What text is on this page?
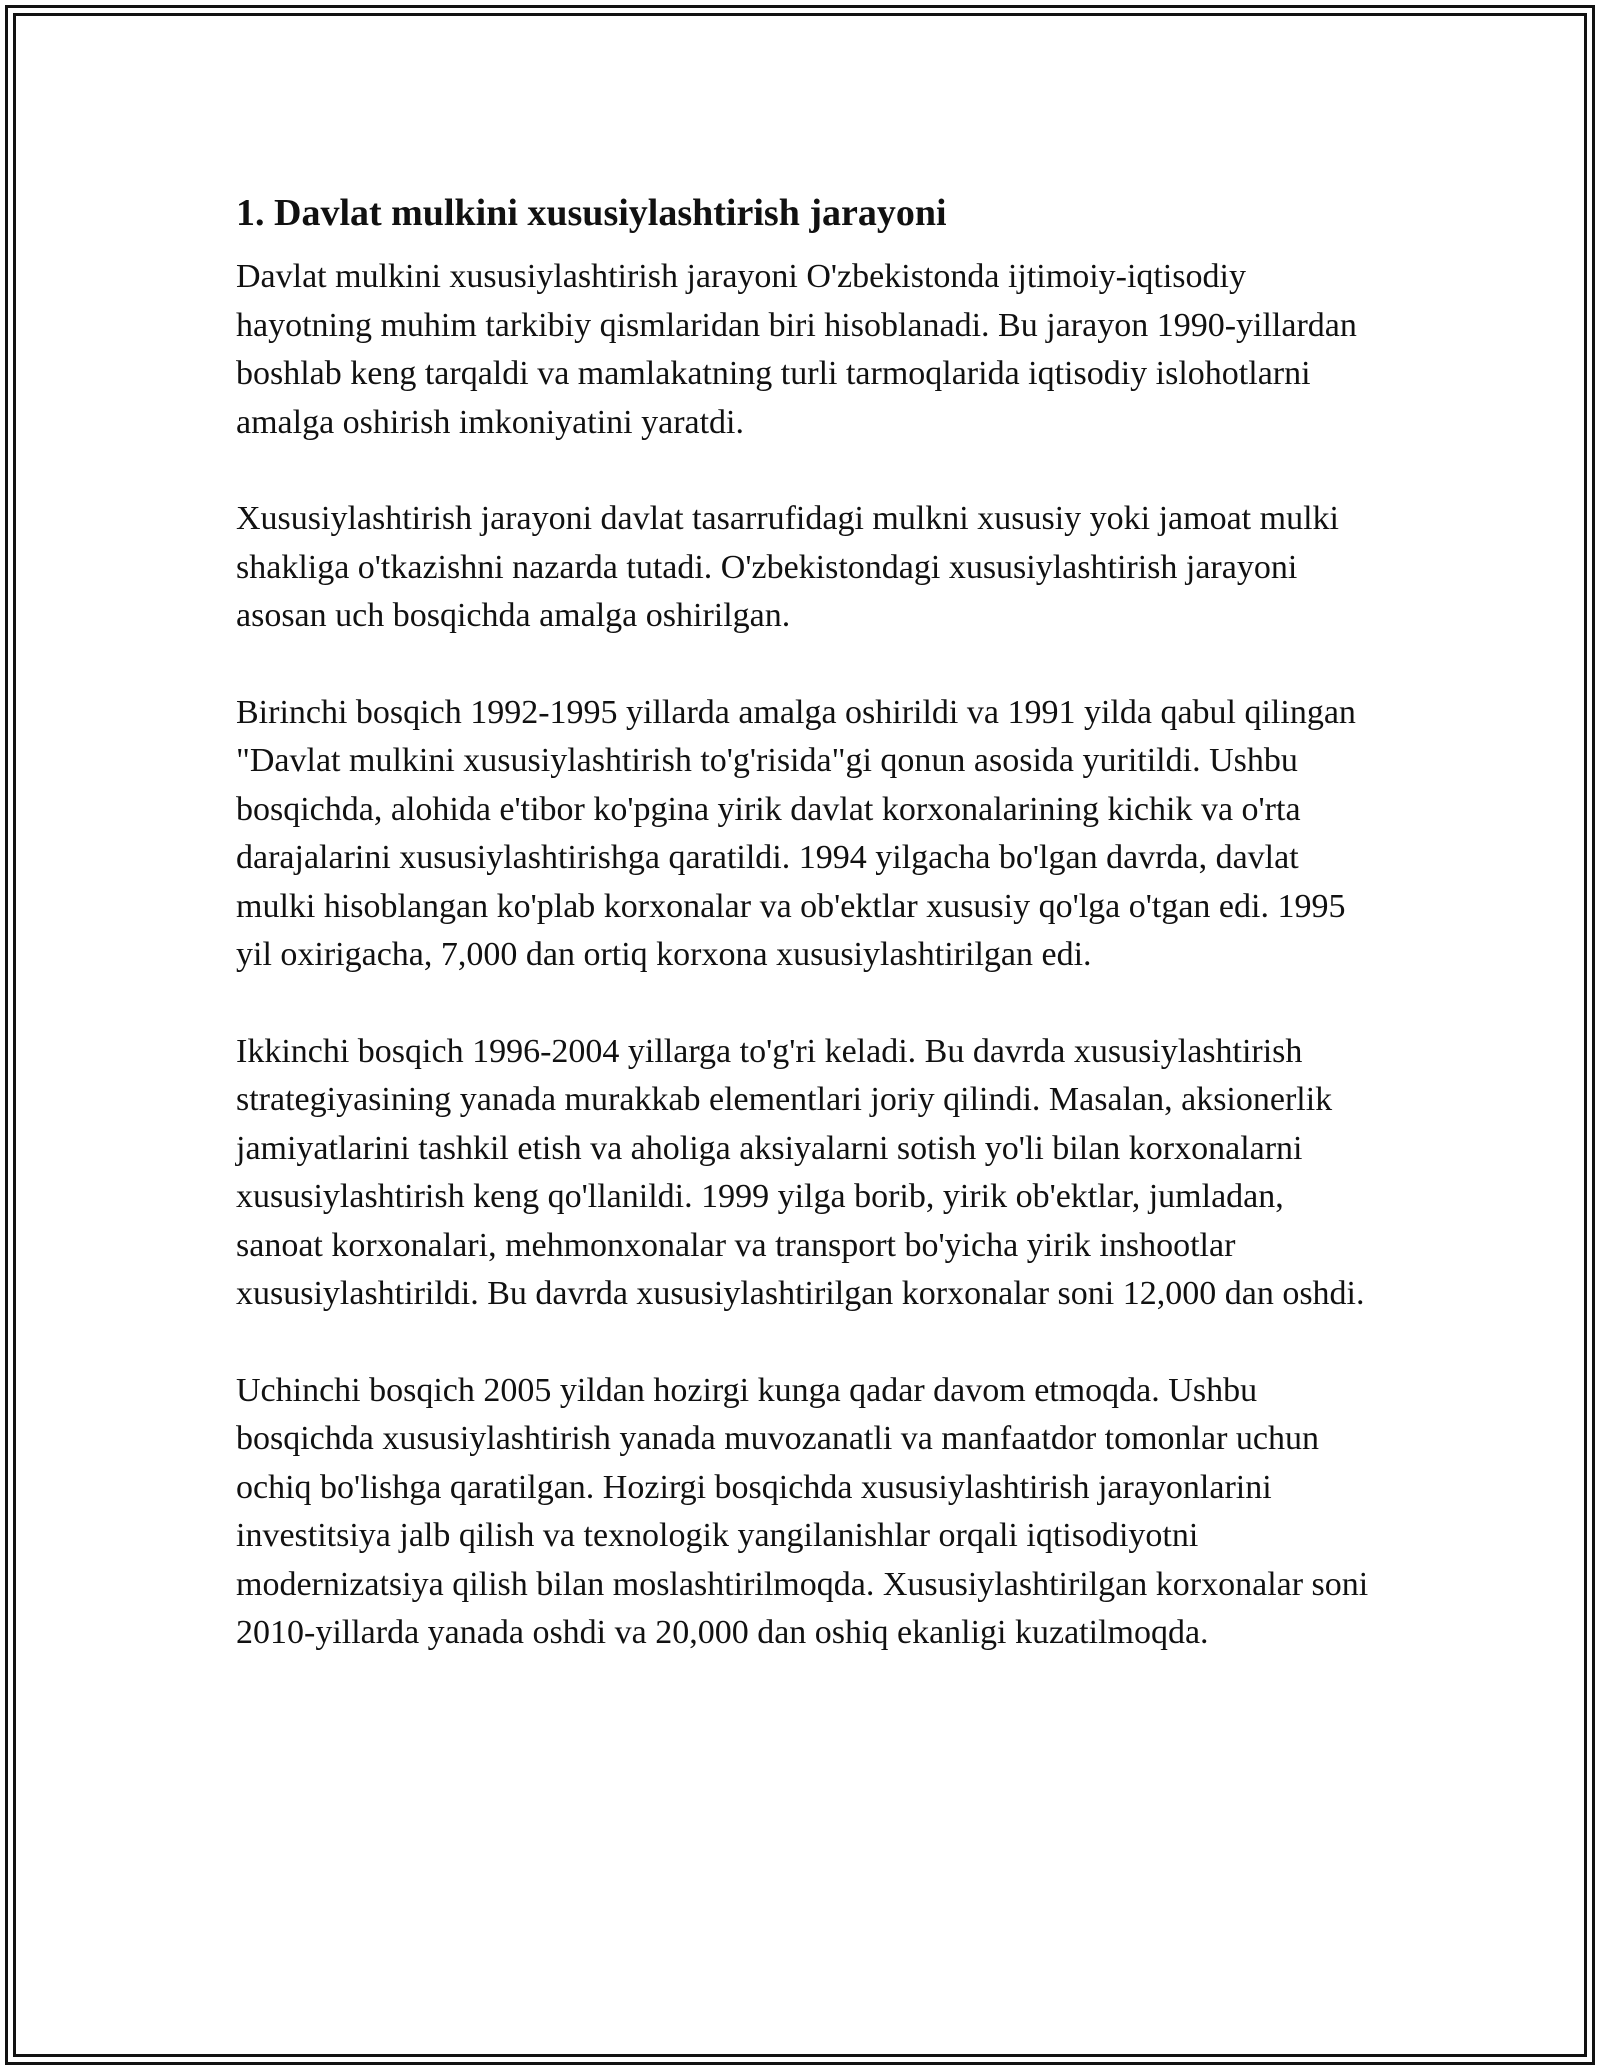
1. Davlat mulkini xususiylashtirish jarayoni

Davlat mulkini xususiylashtirish jarayoni O'zbekistonda ijtimoiy-iqtisodiy hayotning muhim tarkibiy qismlaridan biri hisoblanadi. Bu jarayon 1990-yillardan boshlab keng tarqaldi va mamlakatning turli tarmoqlarida iqtisodiy islohotlarni amalga oshirish imkoniyatini yaratdi.

Xususiylashtirish jarayoni davlat tasarrufidagi mulkni xususiy yoki jamoat mulki shakliga o'tkazishni nazarda tutadi. O'zbekistondagi xususiylashtirish jarayoni asosan uch bosqichda amalga oshirilgan.

Birinchi bosqich 1992-1995 yillarda amalga oshirildi va 1991 yilda qabul qilingan "Davlat mulkini xususiylashtirish to'g'risida"gi qonun asosida yuritildi. Ushbu bosqichda, alohida e'tibor ko'pgina yirik davlat korxonalarining kichik va o'rta darajalarini xususiylashtirishga qaratildi. 1994 yilgacha bo'lgan davrda, davlat mulki hisoblangan ko'plab korxonalar va ob'ektlar xususiy qo'lga o'tgan edi. 1995 yil oxirigacha, 7,000 dan ortiq korxona xususiylashtirilgan edi.

Ikkinchi bosqich 1996-2004 yillarga to'g'ri keladi. Bu davrda xususiylashtirish strategiyasining yanada murakkab elementlari joriy qilindi. Masalan, aksionerlik jamiyatlarini tashkil etish va aholiga aksiyalarni sotish yo'li bilan korxonalarni xususiylashtirish keng qo'llanildi. 1999 yilga borib, yirik ob'ektlar, jumladan, sanoat korxonalari, mehmonxonalar va transport bo'yicha yirik inshootlar xususiylashtirildi. Bu davrda xususiylashtirilgan korxonalar soni 12,000 dan oshdi.

Uchinchi bosqich 2005 yildan hozirgi kunga qadar davom etmoqda. Ushbu bosqichda xususiylashtirish yanada muvozanatli va manfaatdor tomonlar uchun ochiq bo'lishga qaratilgan. Hozirgi bosqichda xususiylashtirish jarayonlarini investitsiya jalb qilish va texnologik yangilanishlar orqali iqtisodiyotni modernizatsiya qilish bilan moslashtirilmoqda. Xususiylashtirilgan korxonalar soni 2010-yillarda yanada oshdi va 20,000 dan oshiq ekanligi kuzatilmoqda.
